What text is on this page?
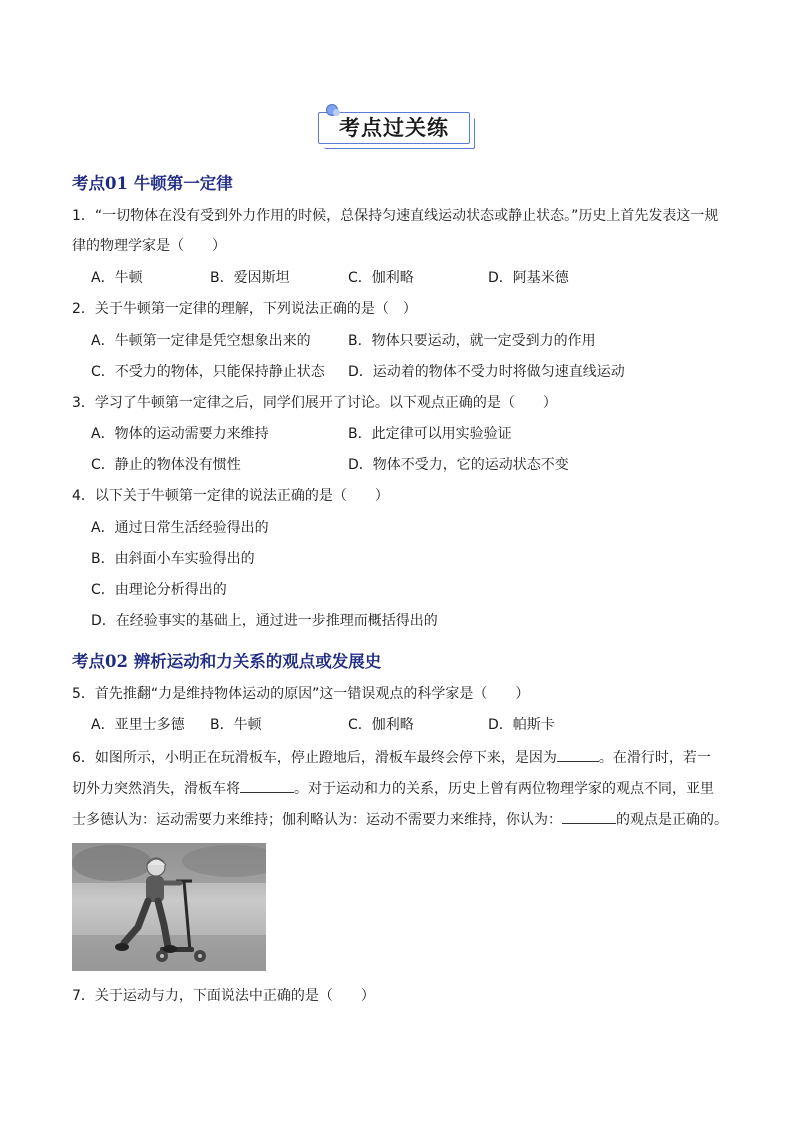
考点过关练
考点01 牛顿第一定律
1．“一切物体在没有受到外力作用的时候，总保持匀速直线运动状态或静止状态。”历史上首先发表这一规
律的物理学家是（　　）
A．牛顿	B．爱因斯坦	C．伽利略	D．阿基米德
2．关于牛顿第一定律的理解，下列说法正确的是（　）
A．牛顿第一定律是凭空想象出来的	B．物体只要运动，就一定受到力的作用
C．不受力的物体，只能保持静止状态 D．运动着的物体不受力时将做匀速直线运动
3．学习了牛顿第一定律之后，同学们展开了讨论。以下观点正确的是（　　）
A．物体的运动需要力来维持	B．此定律可以用实验验证
C．静止的物体没有惯性	D．物体不受力，它的运动状态不变
4．以下关于牛顿第一定律的说法正确的是（　　）
A．通过日常生活经验得出的
B．由斜面小车实验得出的
C．由理论分析得出的
D．在经验事实的基础上，通过进一步推理而概括得出的
考点02 辨析运动和力关系的观点或发展史
5．首先推翻“力是维持物体运动的原因”这一错误观点的科学家是（　　）
A．亚里士多德 B．牛顿	C．伽利略	D．帕斯卡
6．如图所示，小明正在玩滑板车，停止蹬地后，滑板车最终会停下来，是因为	。在滑行时，若一
切外力突然消失，滑板车将	。对于运动和力的关系，历史上曾有两位物理学家的观点不同，亚里
士多德认为：运动需要力来维持；伽利略认为：运动不需要力来维持，你认为：	的观点是正确的。
7．关于运动与力，下面说法中正确的是（　　）
